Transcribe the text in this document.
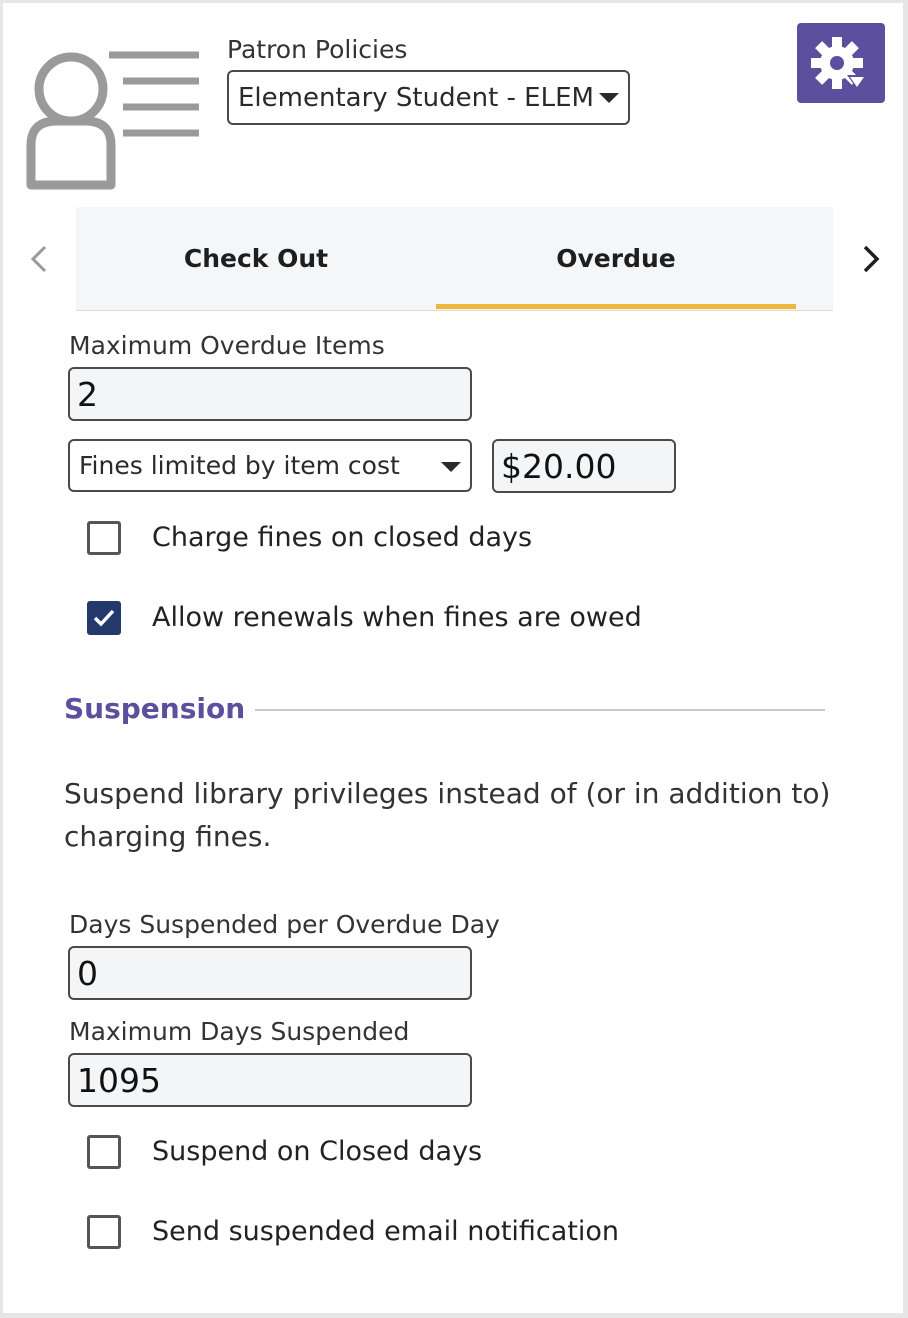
Patron Policies
Elementary Student - ELEM
Check Out	Overdue
Maximum Overdue Items
2
Fines limited by item cost	$20.00
Charge fines on closed days
Allow renewals when fines are owed
Suspension
Suspend library privileges instead of (or in addition to) charging fines.
Days Suspended per Overdue Day
0
Maximum Days Suspended
1095
Suspend on Closed days
Send suspended email notification
